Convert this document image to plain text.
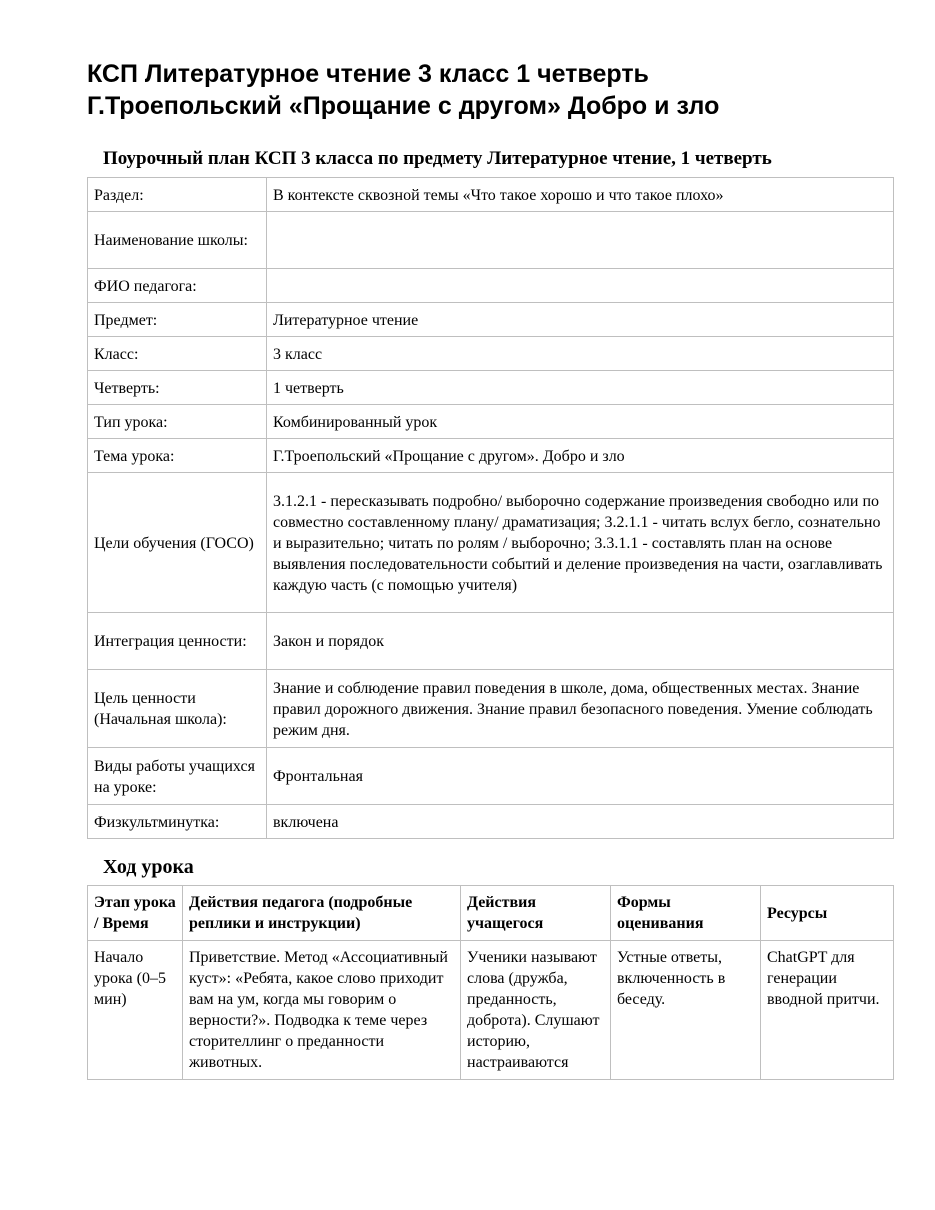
КСП Литературное чтение 3 класс 1 четверть
Г.Троепольский «Прощание с другом» Добро и зло
Поурочный план КСП 3 класса по предмету Литературное чтение, 1 четверть
Раздел:	В контексте сквозной темы «Что такое хорошо и что такое плохо»
Наименование школы:	
ФИО педагога:	
Предмет:	Литературное чтение
Класс:	3 класс
Четверть:	1 четверть
Тип урока:	Комбинированный урок
Тема урока:	Г.Троепольский «Прощание с другом». Добро и зло
Цели обучения (ГОСО)	3.1.2.1 - пересказывать подробно/ выборочно содержание произведения свободно или по совместно составленному плану/ драматизация; 3.2.1.1 - читать вслух бегло, сознательно и выразительно; читать по ролям / выборочно; 3.3.1.1 - составлять план на основе выявления последовательности событий и деление произведения на части, озаглавливать каждую часть (с помощью учителя)
Интеграция ценности:	Закон и порядок
Цель ценности (Начальная школа):	Знание и соблюдение правил поведения в школе, дома, общественных местах. Знание правил дорожного движения. Знание правил безопасного поведения. Умение соблюдать режим дня.
Виды работы учащихся на уроке:	Фронтальная
Физкультминутка:	включена
Ход урока
Этап урока / Время	Действия педагога (подробные реплики и инструкции)	Действия учащегося	Формы оценивания	Ресурсы
Начало урока (0–5 мин)	Приветствие. Метод «Ассоциативный куст»: «Ребята, какое слово приходит вам на ум, когда мы говорим о верности?». Подводка к теме через сторителлинг о преданности животных.	Ученики называют слова (дружба, преданность, доброта). Слушают историю, настраиваются	Устные ответы, включенность в беседу.	ChatGPT для генерации вводной притчи.
